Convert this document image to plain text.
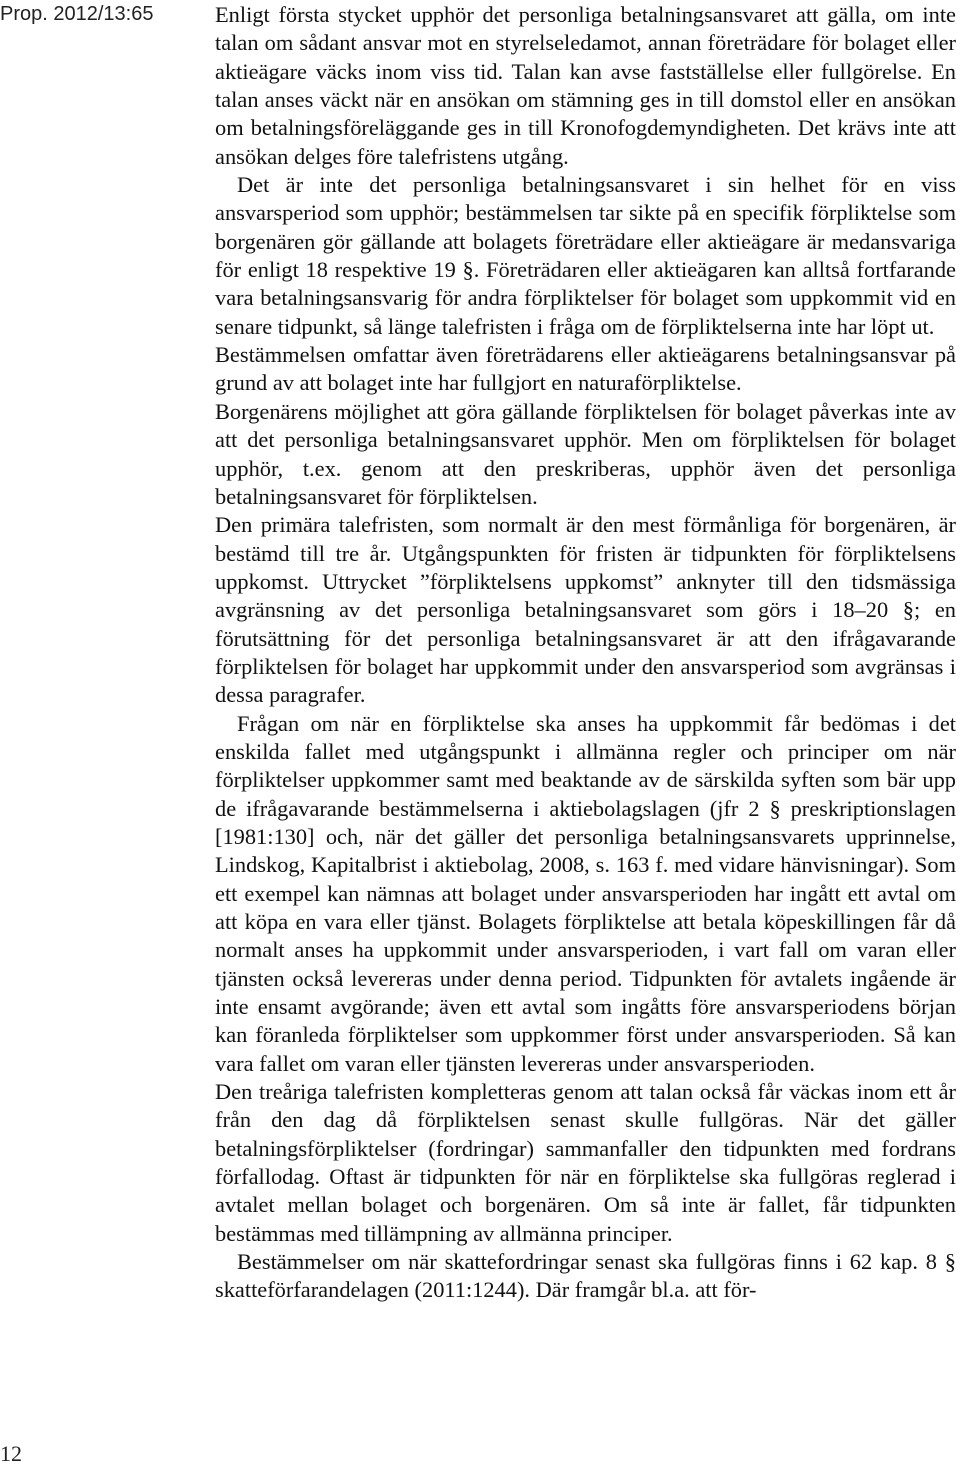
Prop. 2012/13:65	Enligt första stycket upphör det personliga betalningsansvaret att gälla, om inte talan om sådant ansvar mot en styrelseledamot, annan företrädare för bolaget eller aktieägare väcks inom viss tid. Talan kan avse fastställelse eller fullgörelse. En talan anses väckt när en ansökan om stämning ges in till domstol eller en ansökan om betalningsföreläggande ges in till Kronofogdemyndigheten. Det krävs inte att ansökan delges före talefristens utgång.

Det är inte det personliga betalningsansvaret i sin helhet för en viss ansvarsperiod som upphör; bestämmelsen tar sikte på en specifik förpliktelse som borgenären gör gällande att bolagets företrädare eller aktieägare är medansvariga för enligt 18 respektive 19 §. Företrädaren eller aktieägaren kan alltså fortfarande vara betalningsansvarig för andra förpliktelser för bolaget som uppkommit vid en senare tidpunkt, så länge talefristen i fråga om de förpliktelserna inte har löpt ut.

Bestämmelsen omfattar även företrädarens eller aktieägarens betalningsansvar på grund av att bolaget inte har fullgjort en naturaförpliktelse.

Borgenärens möjlighet att göra gällande förpliktelsen för bolaget påverkas inte av att det personliga betalningsansvaret upphör. Men om förpliktelsen för bolaget upphör, t.ex. genom att den preskriberas, upphör även det personliga betalningsansvaret för förpliktelsen.

Den primära talefristen, som normalt är den mest förmånliga för borgenären, är bestämd till tre år. Utgångspunkten för fristen är tidpunkten för förpliktelsens uppkomst. Uttrycket ”förpliktelsens uppkomst” anknyter till den tidsmässiga avgränsning av det personliga betalningsansvaret som görs i 18–20 §; en förutsättning för det personliga betalningsansvaret är att den ifrågavarande förpliktelsen för bolaget har uppkommit under den ansvarsperiod som avgränsas i dessa paragrafer.

Frågan om när en förpliktelse ska anses ha uppkommit får bedömas i det enskilda fallet med utgångspunkt i allmänna regler och principer om när förpliktelser uppkommer samt med beaktande av de särskilda syften som bär upp de ifrågavarande bestämmelserna i aktiebolagslagen (jfr 2 § preskriptionslagen [1981:130] och, när det gäller det personliga betalningsansvarets upprinnelse, Lindskog, Kapitalbrist i aktiebolag, 2008, s. 163 f. med vidare hänvisningar). Som ett exempel kan nämnas att bolaget under ansvarsperioden har ingått ett avtal om att köpa en vara eller tjänst. Bolagets förpliktelse att betala köpeskillingen får då normalt anses ha uppkommit under ansvarsperioden, i vart fall om varan eller tjänsten också levereras under denna period. Tidpunkten för avtalets ingående är inte ensamt avgörande; även ett avtal som ingåtts före ansvarsperiodens början kan föranleda förpliktelser som uppkommer först under ansvarsperioden. Så kan vara fallet om varan eller tjänsten levereras under ansvarsperioden.

Den treåriga talefristen kompletteras genom att talan också får väckas inom ett år från den dag då förpliktelsen senast skulle fullgöras. När det gäller betalningsförpliktelser (fordringar) sammanfaller den tidpunkten med fordrans förfallodag. Oftast är tidpunkten för när en förpliktelse ska fullgöras reglerad i avtalet mellan bolaget och borgenären. Om så inte är fallet, får tidpunkten bestämmas med tillämpning av allmänna principer.

Bestämmelser om när skattefordringar senast ska fullgöras finns i 62 kap. 8 § skatteförfarandelagen (2011:1244). Där framgår bl.a. att för-

12
